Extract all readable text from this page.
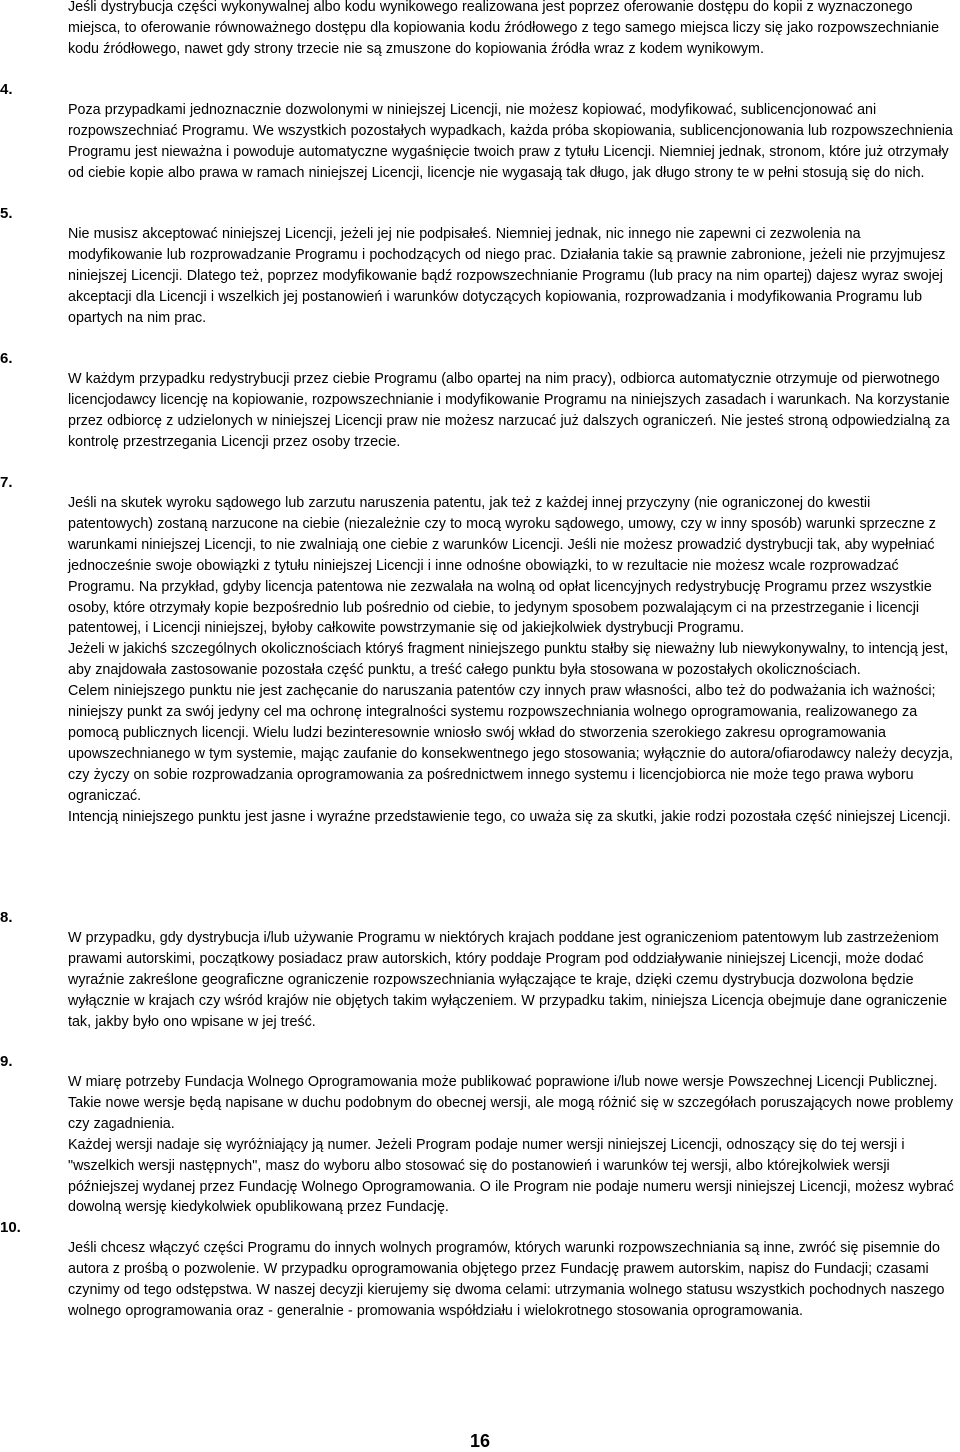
4.
5.
6.
7.
8.
9.
10.

Jeśli dystrybucja części wykonywalnej albo kodu wynikowego realizowana jest poprzez oferowanie dostępu do kopii z wyznaczonego miejsca, to oferowanie równoważnego dostępu dla kopiowania kodu źródłowego z tego samego miejsca liczy się jako rozpowszechnianie kodu źródłowego, nawet gdy strony trzecie nie są zmuszone do kopiowania źródła wraz z kodem wynikowym.

Poza przypadkami jednoznacznie dozwolonymi w niniejszej Licencji, nie możesz kopiować, modyfikować, sublicencjonować ani rozpowszechniać Programu. We wszystkich pozostałych wypadkach, każda próba skopiowania, sublicencjonowania lub rozpowszechnienia Programu jest nieważna i powoduje automatyczne wygaśnięcie twoich praw z tytułu Licencji. Niemniej jednak, stronom, które już otrzymały od ciebie kopie albo prawa w ramach niniejszej Licencji, licencje nie wygasają tak długo, jak długo strony te w pełni stosują się do nich.

Nie musisz akceptować niniejszej Licencji, jeżeli jej nie podpisałeś. Niemniej jednak, nic innego nie zapewni ci zezwolenia na modyfikowanie lub rozprowadzanie Programu i pochodzących od niego prac. Działania takie są prawnie zabronione, jeżeli nie przyjmujesz niniejszej Licencji. Dlatego też, poprzez modyfikowanie bądź rozpowszechnianie Programu (lub pracy na nim opartej) dajesz wyraz swojej akceptacji dla Licencji i wszelkich jej postanowień i warunków dotyczących kopiowania, rozprowadzania i modyfikowania Programu lub opartych na nim prac.

W każdym przypadku redystrybucji przez ciebie Programu (albo opartej na nim pracy), odbiorca automatycznie otrzymuje od pierwotnego licencjodawcy licencję na kopiowanie, rozpowszechnianie i modyfikowanie Programu na niniejszych zasadach i warunkach. Na korzystanie przez odbiorcę z udzielonych w niniejszej Licencji praw nie możesz narzucać już dalszych ograniczeń. Nie jesteś stroną odpowiedzialną za kontrolę przestrzegania Licencji przez osoby trzecie.

Jeśli na skutek wyroku sądowego lub zarzutu naruszenia patentu, jak też z każdej innej przyczyny (nie ograniczonej do kwestii patentowych) zostaną narzucone na ciebie (niezależnie czy to mocą wyroku sądowego, umowy, czy w inny sposób) warunki sprzeczne z warunkami niniejszej Licencji, to nie zwalniają one ciebie z warunków Licencji. Jeśli nie możesz prowadzić dystrybucji tak, aby wypełniać jednocześnie swoje obowiązki z tytułu niniejszej Licencji i inne odnośne obowiązki, to w rezultacie nie możesz wcale rozprowadzać Programu. Na przykład, gdyby licencja patentowa nie zezwalała na wolną od opłat licencyjnych redystrybucję Programu przez wszystkie osoby, które otrzymały kopie bezpośrednio lub pośrednio od ciebie, to jedynym sposobem pozwalającym ci na przestrzeganie i licencji patentowej, i Licencji niniejszej, byłoby całkowite powstrzymanie się od jakiejkolwiek dystrybucji Programu.
Jeżeli w jakichś szczególnych okolicznościach któryś fragment niniejszego punktu stałby się nieważny lub niewykonywalny, to intencją jest, aby znajdowała zastosowanie pozostała część punktu, a treść całego punktu była stosowana w pozostałych okolicznościach.
Celem niniejszego punktu nie jest zachęcanie do naruszania patentów czy innych praw własności, albo też do podważania ich ważności; niniejszy punkt za swój jedyny cel ma ochronę integralności systemu rozpowszechniania wolnego oprogramowania, realizowanego za pomocą publicznych licencji. Wielu ludzi bezinteresownie wniosło swój wkład do stworzenia szerokiego zakresu oprogramowania upowszechnianego w tym systemie, mając zaufanie do konsekwentnego jego stosowania; wyłącznie do autora/ofiarodawcy należy decyzja, czy życzy on sobie rozprowadzania oprogramowania za pośrednictwem innego systemu i licencjobiorca nie może tego prawa wyboru ograniczać.
Intencją niniejszego punktu jest jasne i wyraźne przedstawienie tego, co uważa się za skutki, jakie rodzi pozostała część niniejszej Licencji.

W przypadku, gdy dystrybucja i/lub używanie Programu w niektórych krajach poddane jest ograniczeniom patentowym lub zastrzeżeniom prawami autorskimi, początkowy posiadacz praw autorskich, który poddaje Program pod oddziaływanie niniejszej Licencji, może dodać wyraźnie zakreślone geograficzne ograniczenie rozpowszechniania wyłączające te kraje, dzięki czemu dystrybucja dozwolona będzie wyłącznie w krajach czy wśród krajów nie objętych takim wyłączeniem. W przypadku takim, niniejsza Licencja obejmuje dane ograniczenie tak, jakby było ono wpisane w jej treść.

W miarę potrzeby Fundacja Wolnego Oprogramowania może publikować poprawione i/lub nowe wersje Powszechnej Licencji Publicznej. Takie nowe wersje będą napisane w duchu podobnym do obecnej wersji, ale mogą różnić się w szczegółach poruszających nowe problemy czy zagadnienia.
Każdej wersji nadaje się wyróżniający ją numer. Jeżeli Program podaje numer wersji niniejszej Licencji, odnoszący się do tej wersji i "wszelkich wersji następnych", masz do wyboru albo stosować się do postanowień i warunków tej wersji, albo którejkolwiek wersji późniejszej wydanej przez Fundację Wolnego Oprogramowania. O ile Program nie podaje numeru wersji niniejszej Licencji, możesz wybrać dowolną wersję kiedykolwiek opublikowaną przez Fundację.

Jeśli chcesz włączyć części Programu do innych wolnych programów, których warunki rozpowszechniania są inne, zwróć się pisemnie do autora z prośbą o pozwolenie. W przypadku oprogramowania objętego przez Fundację prawem autorskim, napisz do Fundacji; czasami czynimy od tego odstępstwa. W naszej decyzji kierujemy się dwoma celami: utrzymania wolnego statusu wszystkich pochodnych naszego wolnego oprogramowania oraz - generalnie - promowania współdziału i wielokrotnego stosowania oprogramowania.

16
